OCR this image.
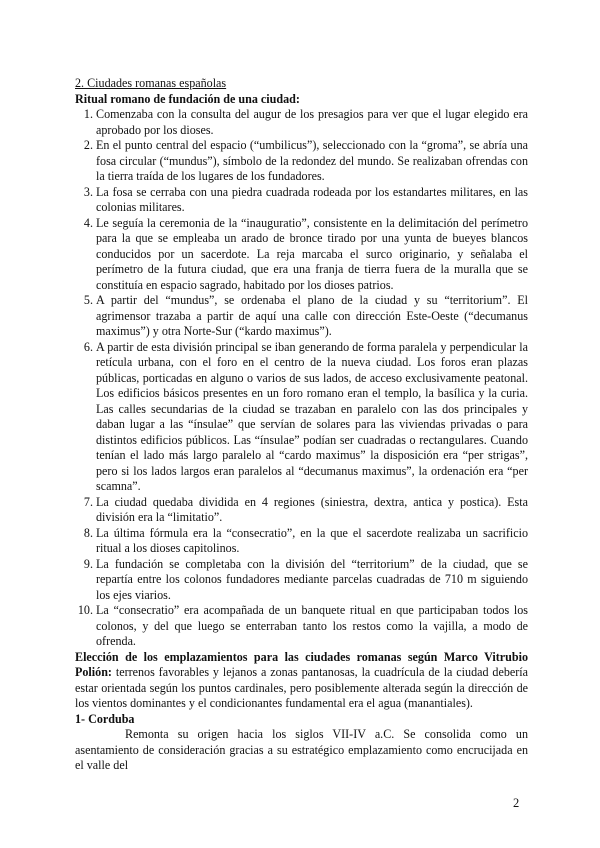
2. Ciudades romanas españolas

Ritual romano de fundación de una ciudad:

1. Comenzaba con la consulta del augur de los presagios para ver que el lugar elegido era aprobado por los dioses.
2. En el punto central del espacio (“umbilicus”), seleccionado con la “groma”, se abría una fosa circular (“mundus”), símbolo de la redondez del mundo. Se realizaban ofrendas con la tierra traída de los lugares de los fundadores.
3. La fosa se cerraba con una piedra cuadrada rodeada por los estandartes militares, en las colonias militares.
4. Le seguía la ceremonia de la “inauguratio”, consistente en la delimitación del perímetro para la que se empleaba un arado de bronce tirado por una yunta de bueyes blancos conducidos por un sacerdote. La reja marcaba el surco originario, y señalaba el perímetro de la futura ciudad, que era una franja de tierra fuera de la muralla que se constituía en espacio sagrado, habitado por los dioses patrios.
5. A partir del “mundus”, se ordenaba el plano de la ciudad y su “territorium”. El agrimensor trazaba a partir de aquí una calle con dirección Este-Oeste (“decumanus maximus”) y otra Norte-Sur (“kardo maximus”).
6. A partir de esta división principal se iban generando de forma paralela y perpendicular la retícula urbana, con el foro en el centro de la nueva ciudad. Los foros eran plazas públicas, porticadas en alguno o varios de sus lados, de acceso exclusivamente peatonal. Los edificios básicos presentes en un foro romano eran el templo, la basílica y la curia. Las calles secundarias de la ciudad se trazaban en paralelo con las dos principales y daban lugar a las “ínsulae” que servían de solares para las viviendas privadas o para distintos edificios públicos. Las “ínsulae” podían ser cuadradas o rectangulares. Cuando tenían el lado más largo paralelo al “cardo maximus” la disposición era “per strigas”, pero si los lados largos eran paralelos al “decumanus maximus”, la ordenación era “per scamna”.
7. La ciudad quedaba dividida en 4 regiones (siniestra, dextra, antica y postica). Esta división era la “limitatio”.
8. La última fórmula era la “consecratio”, en la que el sacerdote realizaba un sacrificio ritual a los dioses capitolinos.
9. La fundación se completaba con la división del “territorium” de la ciudad, que se repartía entre los colonos fundadores mediante parcelas cuadradas de 710 m siguiendo los ejes viarios.
10. La “consecratio” era acompañada de un banquete ritual en que participaban todos los colonos, y del que luego se enterraban tanto los restos como la vajilla, a modo de ofrenda.

Elección de los emplazamientos para las ciudades romanas según Marco Vitrubio Polión: terrenos favorables y lejanos a zonas pantanosas, la cuadrícula de la ciudad debería estar orientada según los puntos cardinales, pero posiblemente alterada según la dirección de los vientos dominantes y el condicionantes fundamental era el agua (manantiales).

1- Corduba

Remonta su origen hacia los siglos VII-IV a.C. Se consolida como un asentamiento de consideración gracias a su estratégico emplazamiento como encrucijada en el valle del

2
